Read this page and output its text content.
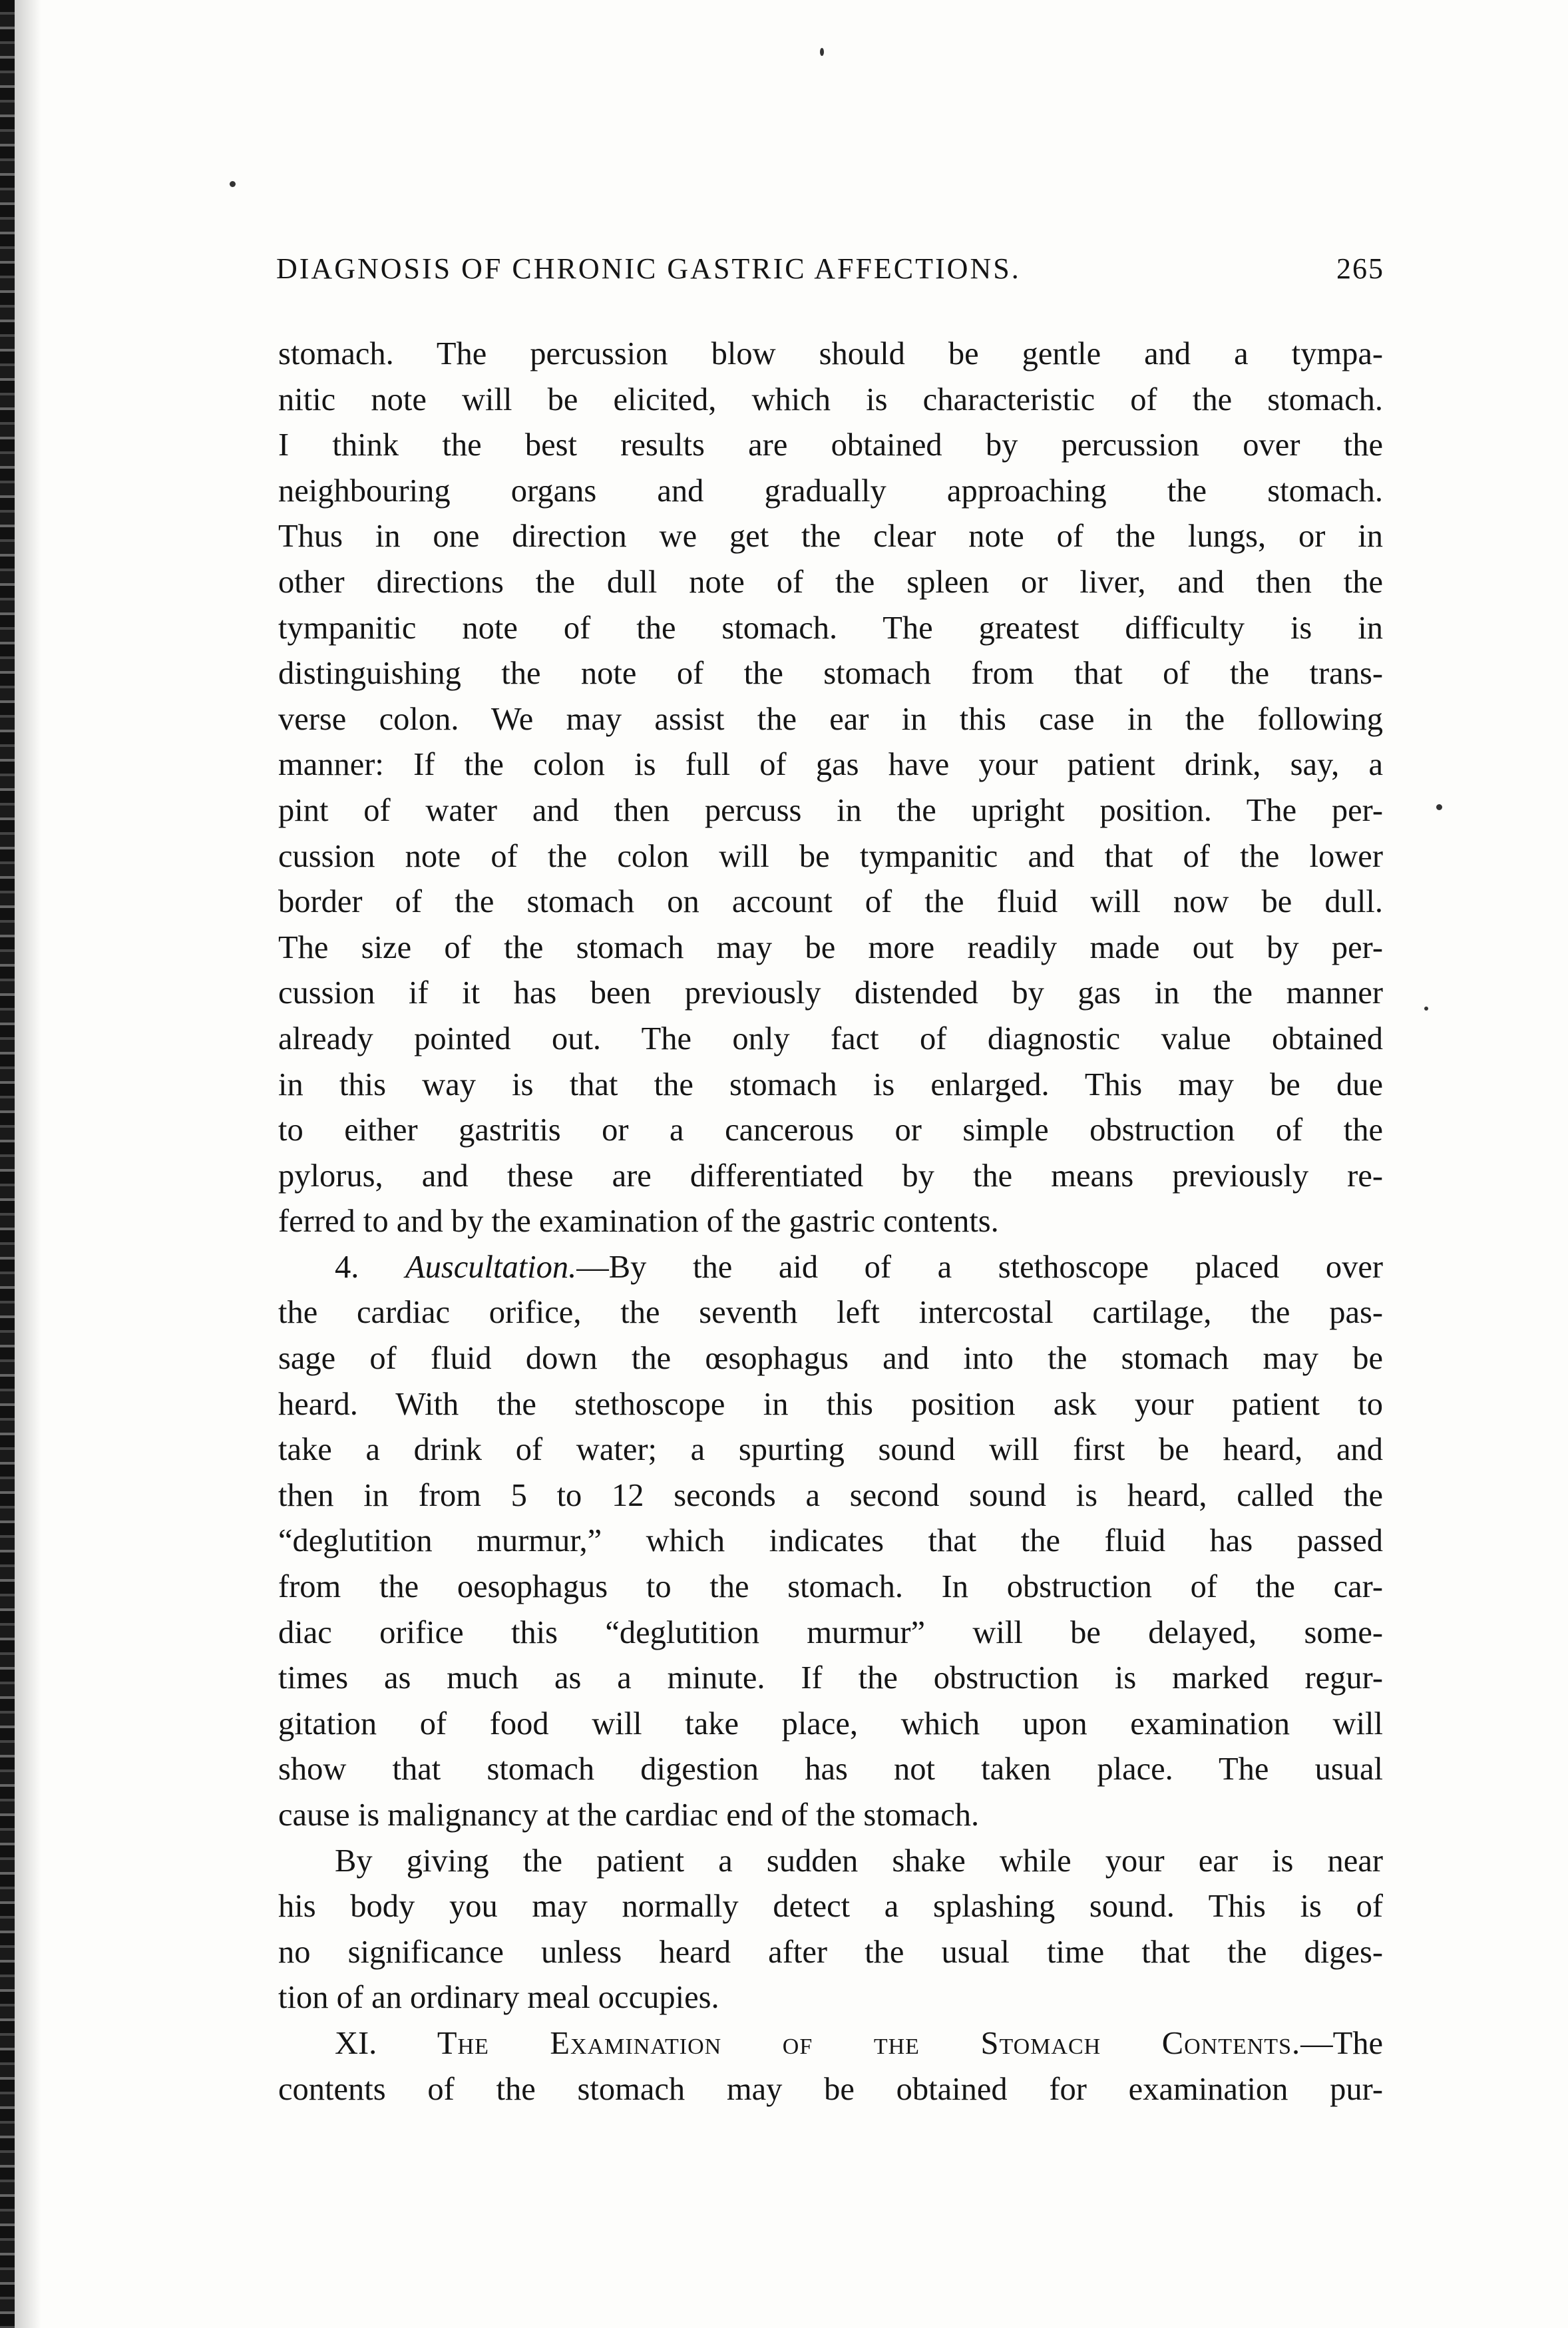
DIAGNOSIS OF CHRONIC GASTRIC AFFECTIONS.	265
stomach. The percussion blow should be gentle and a tympa-
nitic note will be elicited, which is characteristic of the stomach.
I think the best results are obtained by percussion over the
neighbouring organs and gradually approaching the stomach.
Thus in one direction we get the clear note of the lungs, or in
other directions the dull note of the spleen or liver, and then the
tympanitic note of the stomach. The greatest difficulty is in
distinguishing the note of the stomach from that of the trans-
verse colon. We may assist the ear in this case in the following
manner: If the colon is full of gas have your patient drink, say, a
pint of water and then percuss in the upright position. The per-
cussion note of the colon will be tympanitic and that of the lower
border of the stomach on account of the fluid will now be dull.
The size of the stomach may be more readily made out by per-
cussion if it has been previously distended by gas in the manner
already pointed out. The only fact of diagnostic value obtained
in this way is that the stomach is enlarged. This may be due
to either gastritis or a cancerous or simple obstruction of the
pylorus, and these are differentiated by the means previously re-
ferred to and by the examination of the gastric contents.
4. Auscultation.—By the aid of a stethoscope placed over
the cardiac orifice, the seventh left intercostal cartilage, the pas-
sage of fluid down the œsophagus and into the stomach may be
heard. With the stethoscope in this position ask your patient to
take a drink of water; a spurting sound will first be heard, and
then in from 5 to 12 seconds a second sound is heard, called the
“deglutition murmur,” which indicates that the fluid has passed
from the oesophagus to the stomach. In obstruction of the car-
diac orifice this “deglutition murmur” will be delayed, some-
times as much as a minute. If the obstruction is marked regur-
gitation of food will take place, which upon examination will
show that stomach digestion has not taken place. The usual
cause is malignancy at the cardiac end of the stomach.
By giving the patient a sudden shake while your ear is near
his body you may normally detect a splashing sound. This is of
no significance unless heard after the usual time that the diges-
tion of an ordinary meal occupies.
XI. The Examination of the Stomach Contents.—The
contents of the stomach may be obtained for examination pur-
